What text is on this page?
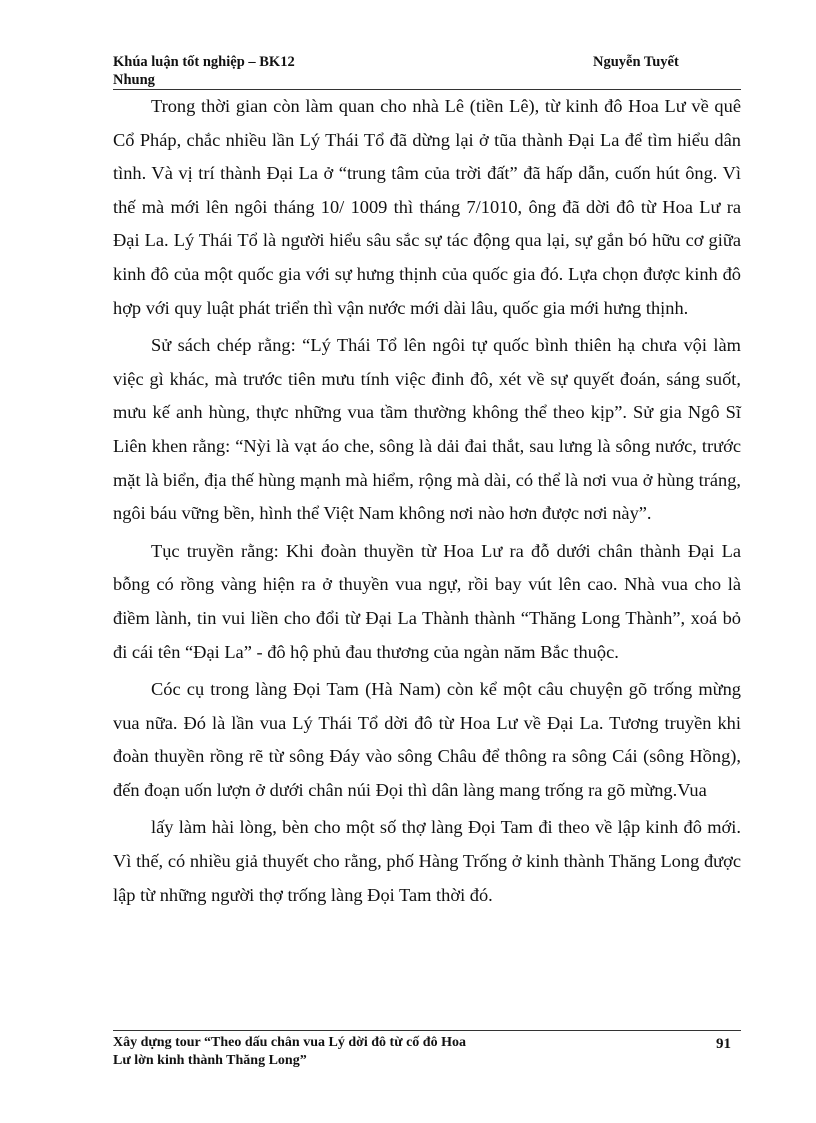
Khúa luận tốt nghiệp – BK12 Nhung
Nguyễn Tuyết

Trong thời gian còn làm quan cho nhà Lê (tiền Lê), từ kinh đô Hoa Lư về quê Cổ Pháp, chắc nhiều lần Lý Thái Tổ đã dừng lại ở tũa thành Đại La để tìm hiểu dân tình. Và vị trí thành Đại La ở “trung tâm của trời đất” đã hấp dẫn, cuốn hút ông. Vì thế mà mới lên ngôi tháng 10/ 1009 thì tháng 7/1010, ông đã dời đô từ Hoa Lư ra Đại La. Lý Thái Tổ là người hiểu sâu sắc sự tác động qua lại, sự gắn bó hữu cơ giữa kinh đô của một quốc gia với sự hưng thịnh của quốc gia đó. Lựa chọn được kinh đô hợp với quy luật phát triển thì vận nước mới dài lâu, quốc gia mới hưng thịnh.

Sử sách chép rằng: “Lý Thái Tổ lên ngôi tự quốc bình thiên hạ chưa vội làm việc gì khác, mà trước tiên mưu tính việc đinh đô, xét về sự quyết đoán, sáng suốt, mưu kế anh hùng, thực những vua tầm thường không thể theo kịp”. Sử gia Ngô Sĩ Liên khen rằng: “Nỳi là vạt áo che, sông là dải đai thắt, sau lưng là sông nước, trước mặt là biển, địa thế hùng mạnh mà hiểm, rộng mà dài, có thể là nơi vua ở hùng tráng, ngôi báu vững bền, hình thể Việt Nam không nơi nào hơn được nơi này”.

Tục truyền rằng: Khi đoàn thuyền từ Hoa Lư ra đỗ dưới chân thành Đại La bỗng có rồng vàng hiện ra ở thuyền vua ngự, rồi bay vút lên cao. Nhà vua cho là điềm lành, tin vui liền cho đổi từ Đại La Thành thành “Thăng Long Thành”, xoá bỏ đi cái tên “Đại La” - đô hộ phủ đau thương của ngàn năm Bắc thuộc.

Cóc cụ trong làng Đọi Tam (Hà Nam) còn kể một câu chuyện gõ trống mừng vua nữa. Đó là lần vua Lý Thái Tổ dời đô từ Hoa Lư về Đại La. Tương truyền khi đoàn thuyền rồng rẽ từ sông Đáy vào sông Châu để thông ra sông Cái (sông Hồng), đến đoạn uốn lượn ở dưới chân núi Đọi thì dân làng mang trống ra gõ mừng.Vua

lấy làm hài lòng, bèn cho một số thợ làng Đọi Tam đi theo về lập kinh đô mới. Vì thế, có nhiều giả thuyết cho rằng, phố Hàng Trống ở kinh thành Thăng Long được lập từ những người thợ trống làng Đọi Tam thời đó.

Xây dựng tour “Theo dấu chân vua Lý dời đô từ cố đô Hoa Lư lờn kinh thành Thăng Long”
91
